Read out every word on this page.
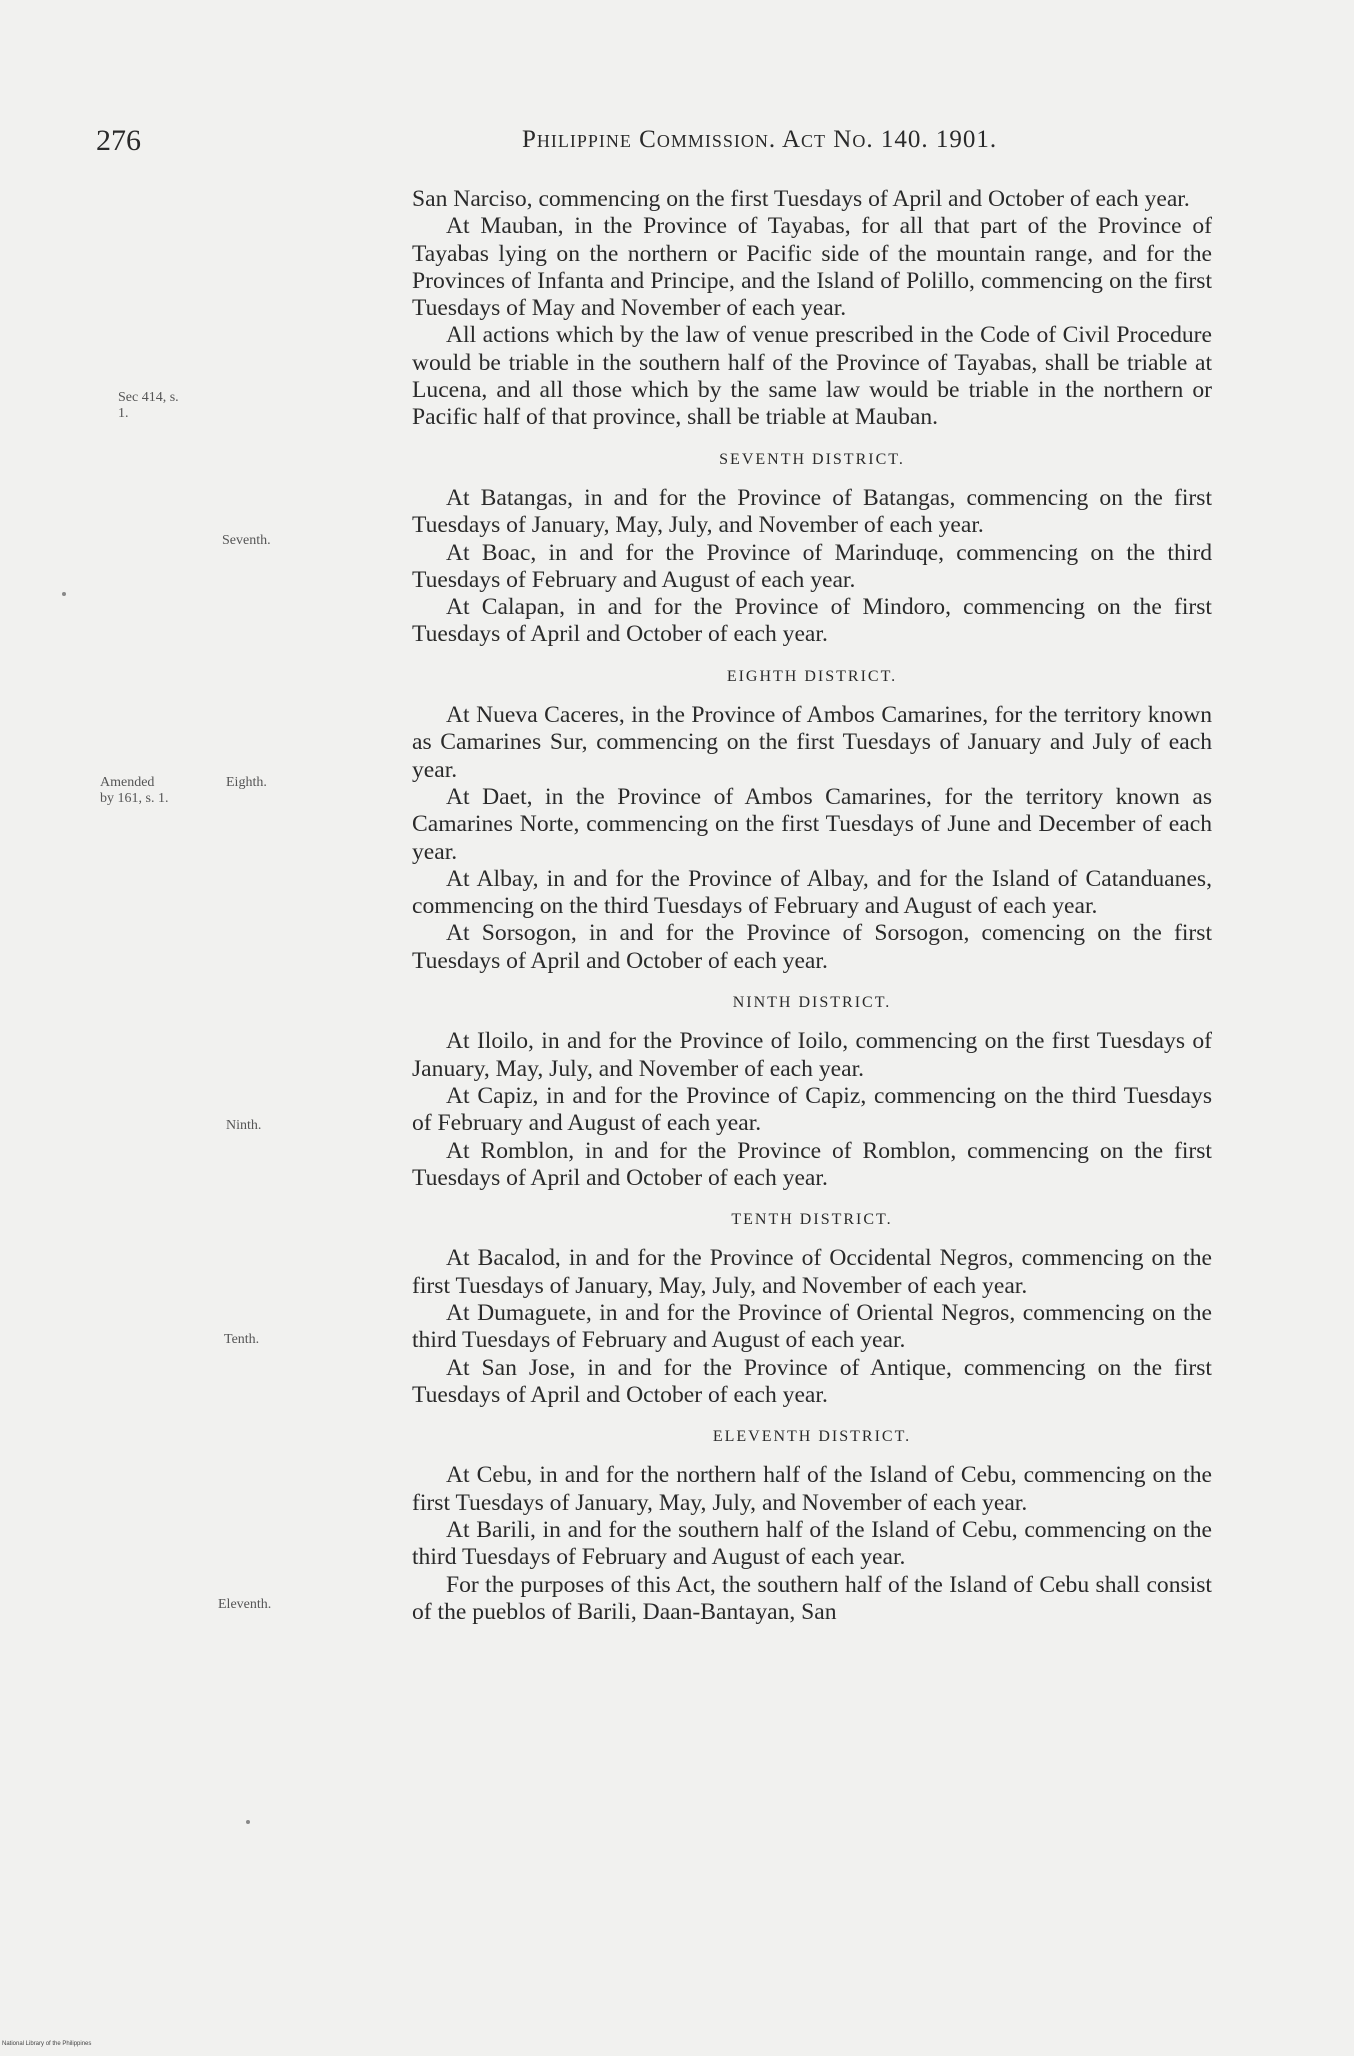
276	Philippine Commission. Act No. 140. 1901.
Sec 414, s.
1.
Seventh.
Amended
by 161, s. 1.
Eighth.
Ninth.
Tenth.
Eleventh.

San Narciso, commencing on the first Tuesdays of April and October of each year.

At Mauban, in the Province of Tayabas, for all that part of the Province of Tayabas lying on the northern or Pacific side of the mountain range, and for the Provinces of Infanta and Principe, and the Island of Polillo, commencing on the first Tuesdays of May and November of each year.

All actions which by the law of venue prescribed in the Code of Civil Procedure would be triable in the southern half of the Province of Tayabas, shall be triable at Lucena, and all those which by the same law would be triable in the northern or Pacific half of that province, shall be triable at Mauban.

SEVENTH DISTRICT.

At Batangas, in and for the Province of Batangas, commencing on the first Tuesdays of January, May, July, and November of each year.

At Boac, in and for the Province of Marinduqe, commencing on the third Tuesdays of February and August of each year.

At Calapan, in and for the Province of Mindoro, commencing on the first Tuesdays of April and October of each year.

EIGHTH DISTRICT.

At Nueva Caceres, in the Province of Ambos Camarines, for the territory known as Camarines Sur, commencing on the first Tuesdays of January and July of each year.

At Daet, in the Province of Ambos Camarines, for the territory known as Camarines Norte, commencing on the first Tuesdays of June and December of each year.

At Albay, in and for the Province of Albay, and for the Island of Catanduanes, commencing on the third Tuesdays of February and August of each year.

At Sorsogon, in and for the Province of Sorsogon, comencing on the first Tuesdays of April and October of each year.

NINTH DISTRICT.

At Iloilo, in and for the Province of Ioilo, commencing on the first Tuesdays of January, May, July, and November of each year.

At Capiz, in and for the Province of Capiz, commencing on the third Tuesdays of February and August of each year.

At Romblon, in and for the Province of Romblon, commencing on the first Tuesdays of April and October of each year.

TENTH DISTRICT.

At Bacalod, in and for the Province of Occidental Negros, commencing on the first Tuesdays of January, May, July, and November of each year.

At Dumaguete, in and for the Province of Oriental Negros, commencing on the third Tuesdays of February and August of each year.

At San Jose, in and for the Province of Antique, commencing on the first Tuesdays of April and October of each year.

ELEVENTH DISTRICT.

At Cebu, in and for the northern half of the Island of Cebu, commencing on the first Tuesdays of January, May, July, and November of each year.

At Barili, in and for the southern half of the Island of Cebu, commencing on the third Tuesdays of February and August of each year.

For the purposes of this Act, the southern half of the Island of Cebu shall consist of the pueblos of Barili, Daan-Bantayan, San

National Library of the Philippines
